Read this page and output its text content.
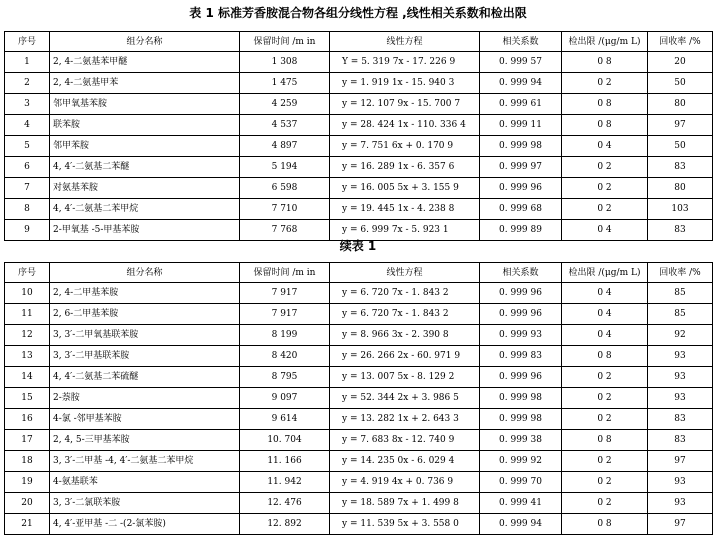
表 1 标准芳香胺混合物各组分线性方程 ,线性相关系数和检出限
序号	组分名称	保留时间 /m in	线性方程	相关系数	检出限 /(μg/m L)	回收率 /%
1	2, 4-二氨基苯甲醚	1 308	Y = 5. 319 7x - 17. 226 9	0. 999 57	0 8	20
2	2, 4-二氨基甲苯	1 475	y = 1. 919 1x - 15. 940 3	0. 999 94	0 2	50
3	邻甲氧基苯胺	4 259	y = 12. 107 9x - 15. 700 7	0. 999 61	0 8	80
4	联苯胺	4 537	y = 28. 424 1x - 110. 336 4	0. 999 11	0 8	97
5	邻甲苯胺	4 897	y = 7. 751 6x + 0. 170 9	0. 999 98	0 4	50
6	4, 4′-二氨基二苯醚	5 194	y = 16. 289 1x - 6. 357 6	0. 999 97	0 2	83
7	对氨基苯胺	6 598	y = 16. 005 5x + 3. 155 9	0. 999 96	0 2	80
8	4, 4′-二氨基二苯甲烷	7 710	y = 19. 445 1x - 4. 238 8	0. 999 68	0 2	103
9	2-甲氧基 -5-甲基苯胺	7 768	y = 6. 999 7x - 5. 923 1	0. 999 89	0 4	83
续表 1
序号	组分名称	保留时间 /m in	线性方程	相关系数	检出限 /(μg/m L)	回收率 /%
10	2, 4-二甲基苯胺	7 917	y = 6. 720 7x - 1. 843 2	0. 999 96	0 4	85
11	2, 6-二甲基苯胺	7 917	y = 6. 720 7x - 1. 843 2	0. 999 96	0 4	85
12	3, 3′-二甲氧基联苯胺	8 199	y = 8. 966 3x - 2. 390 8	0. 999 93	0 4	92
13	3, 3′-二甲基联苯胺	8 420	y = 26. 266 2x - 60. 971 9	0. 999 83	0 8	93
14	4, 4′-二氨基二苯硫醚	8 795	y = 13. 007 5x - 8. 129 2	0. 999 96	0 2	93
15	2-萘胺	9 097	y = 52. 344 2x + 3. 986 5	0. 999 98	0 2	93
16	4-氯 -邻甲基苯胺	9 614	y = 13. 282 1x + 2. 643 3	0. 999 98	0 2	83
17	2, 4, 5-三甲基苯胺	10. 704	y = 7. 683 8x - 12. 740 9	0. 999 38	0 8	83
18	3, 3′-二甲基 -4, 4′-二氨基二苯甲烷	11. 166	y = 14. 235 0x - 6. 029 4	0. 999 92	0 2	97
19	4-氨基联苯	11. 942	y = 4. 919 4x + 0. 736 9	0. 999 70	0 2	93
20	3, 3′-二氯联苯胺	12. 476	y = 18. 589 7x + 1. 499 8	0. 999 41	0 2	93
21	4, 4′-亚甲基 -二 -(2-氯苯胺)	12. 892	y = 11. 539 5x + 3. 558 0	0. 999 94	0 8	97
